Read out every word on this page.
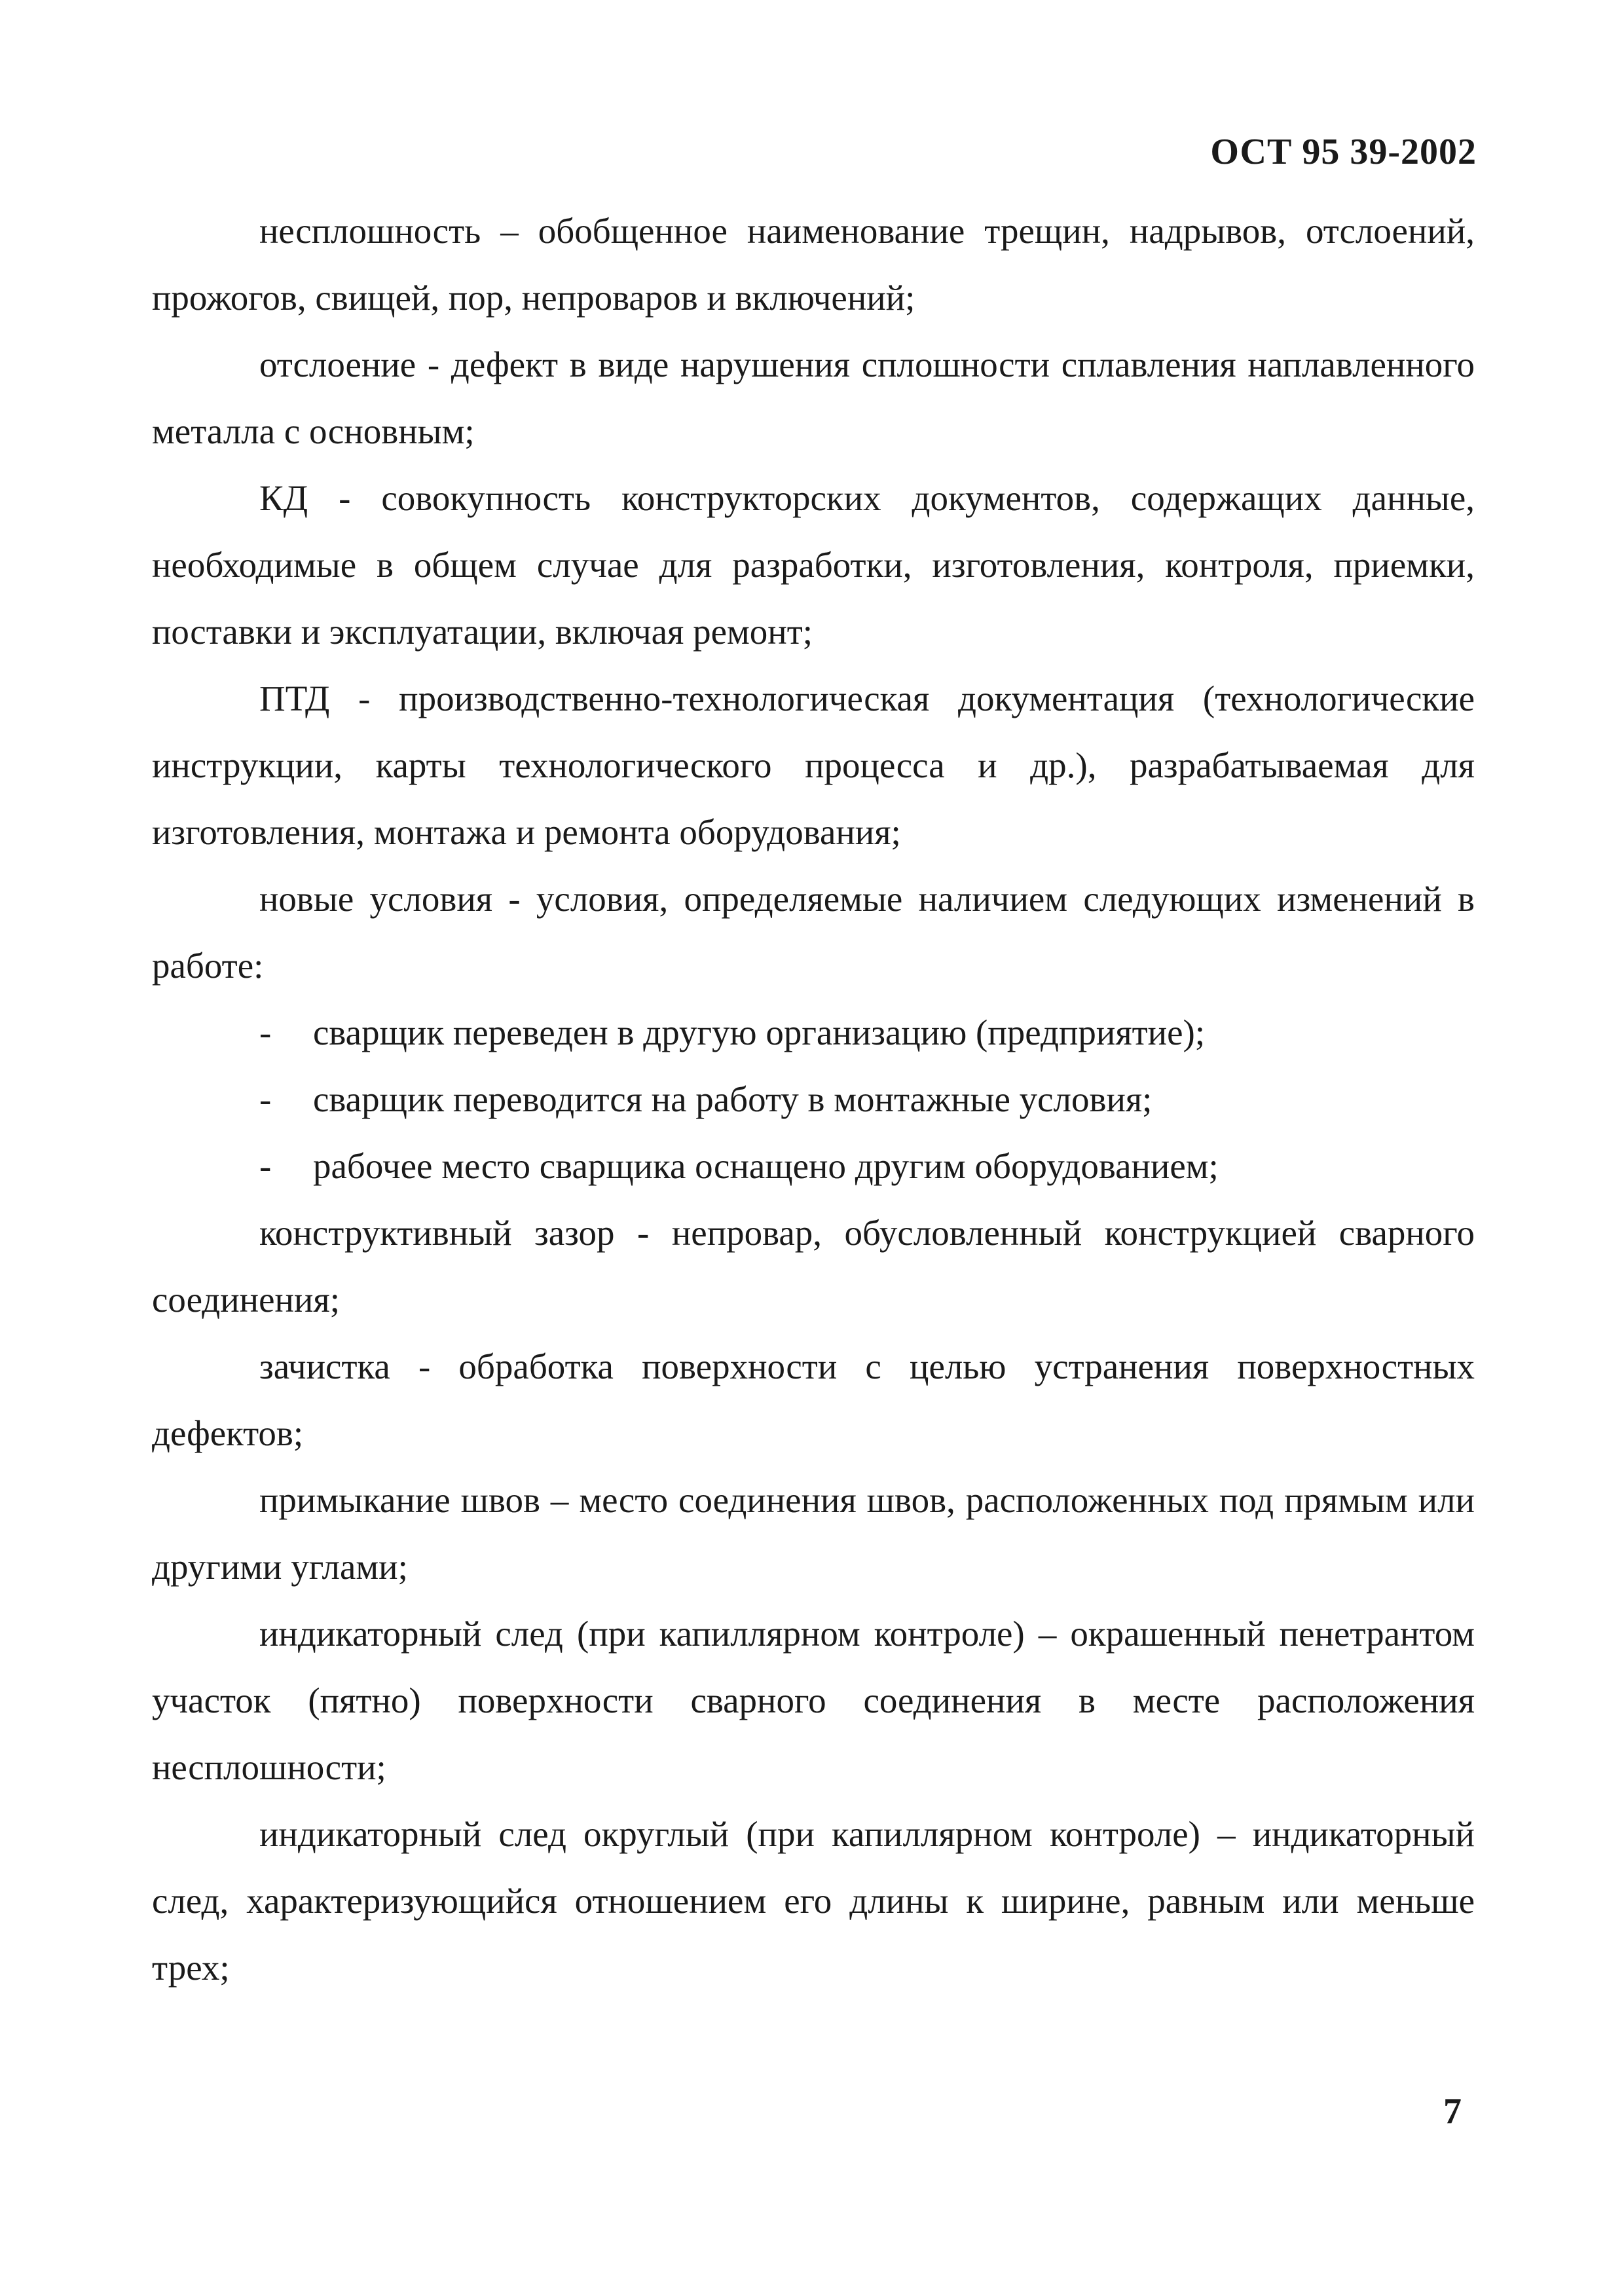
ОСТ 95 39-2002

несплошность – обобщенное наименование трещин, надрывов, отслоений, прожогов, свищей, пор, непроваров и включений;

отслоение - дефект в виде нарушения сплошности сплавления наплавленного металла с основным;

КД - совокупность конструкторских документов, содержащих данные, необходимые в общем случае для разработки, изготовления, контроля, приемки, поставки и эксплуатации, включая ремонт;

ПТД - производственно-технологическая документация (технологические инструкции, карты технологического процесса и др.), разрабатываемая для изготовления, монтажа и ремонта оборудования;

новые условия - условия, определяемые наличием следующих изменений в работе:

- сварщик переведен в другую организацию (предприятие);
- сварщик переводится на работу в монтажные условия;
- рабочее место сварщика оснащено другим оборудованием;

конструктивный зазор - непровар, обусловленный конструкцией сварного соединения;

зачистка - обработка поверхности с целью устранения поверхностных дефектов;

примыкание швов – место соединения швов, расположенных под прямым или другими углами;

индикаторный след (при капиллярном контроле) – окрашенный пенетрантом участок (пятно) поверхности сварного соединения в месте расположения несплошности;

индикаторный след округлый (при капиллярном контроле) – индикаторный след, характеризующийся отношением его длины к ширине, равным или меньше трех;

7
